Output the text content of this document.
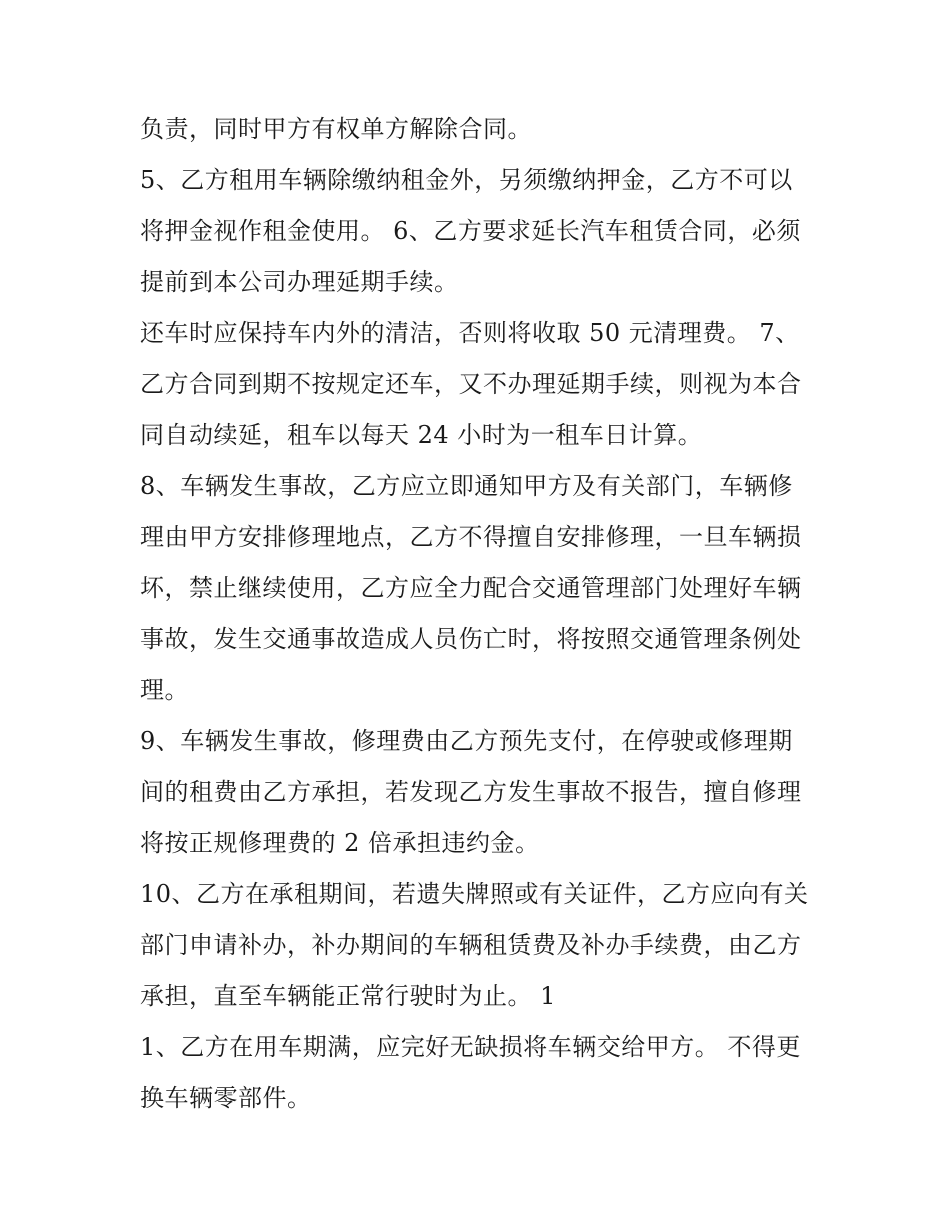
负责，同时甲方有权单方解除合同。
5、乙方租用车辆除缴纳租金外，另须缴纳押金，乙方不可以
将押金视作租金使用。 6、乙方要求延长汽车租赁合同，必须
提前到本公司办理延期手续。
还车时应保持车内外的清洁，否则将收取 50 元清理费。 7、
乙方合同到期不按规定还车，又不办理延期手续，则视为本合
同自动续延，租车以每天 24 小时为一租车日计算。
8、车辆发生事故，乙方应立即通知甲方及有关部门，车辆修
理由甲方安排修理地点，乙方不得擅自安排修理，一旦车辆损
坏，禁止继续使用，乙方应全力配合交通管理部门处理好车辆
事故，发生交通事故造成人员伤亡时，将按照交通管理条例处
理。
9、车辆发生事故，修理费由乙方预先支付，在停驶或修理期
间的租费由乙方承担，若发现乙方发生事故不报告，擅自修理
将按正规修理费的 2 倍承担违约金。
10、乙方在承租期间，若遗失牌照或有关证件，乙方应向有关
部门申请补办，补办期间的车辆租赁费及补办手续费，由乙方
承担，直至车辆能正常行驶时为止。 1
1、乙方在用车期满，应完好无缺损将车辆交给甲方。 不得更
换车辆零部件。
